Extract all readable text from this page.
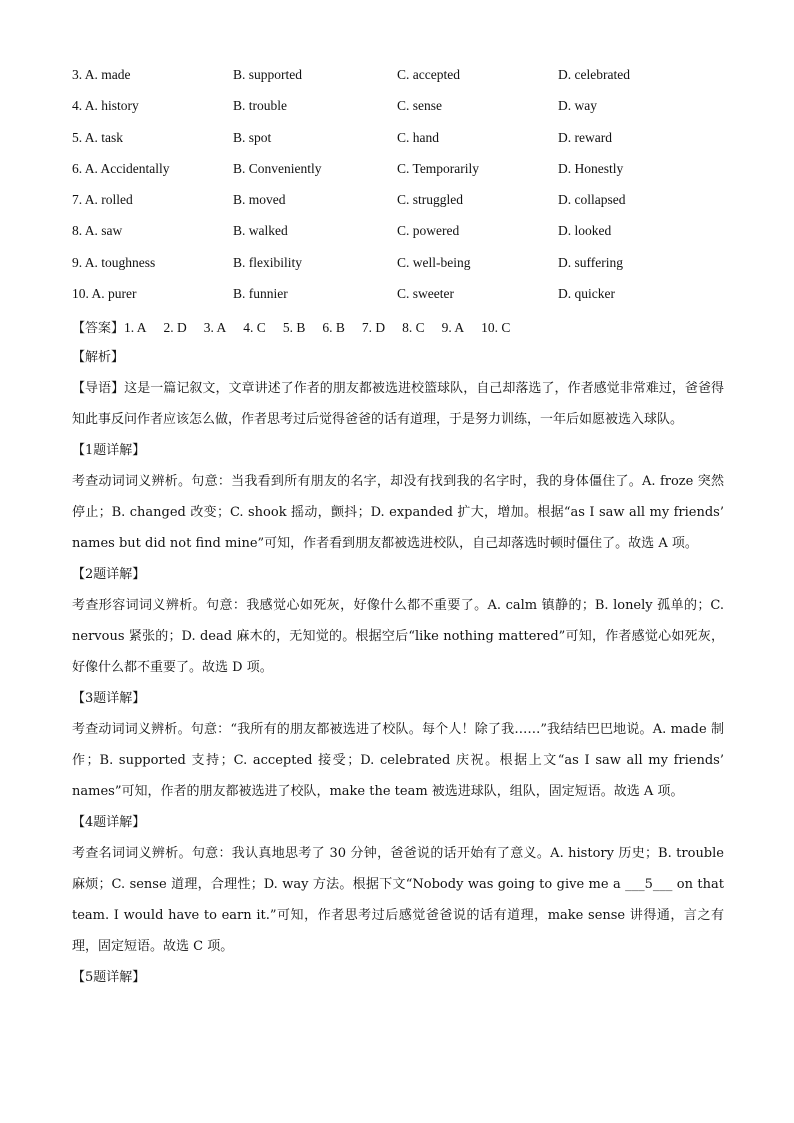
3. A. made	B. supported	C. accepted	D. celebrated
4. A. history	B. trouble	C. sense	D. way
5. A. task	B. spot	C. hand	D. reward
6. A. Accidentally	B. Conveniently	C. Temporarily	D. Honestly
7. A. rolled	B. moved	C. struggled	D. collapsed
8. A. saw	B. walked	C. powered	D. looked
9. A. toughness	B. flexibility	C. well-being	D. suffering
10. A. purer	B. funnier	C. sweeter	D. quicker
【答案】1. A 2. D 3. A 4. C 5. B 6. B 7. D 8. C 9. A 10. C

【解析】

【导语】这是一篇记叙文，文章讲述了作者的朋友都被选进校篮球队，自己却落选了，作者感觉非常难过，爸爸得知此事反问作者应该怎么做，作者思考过后觉得爸爸的话有道理，于是努力训练，一年后如愿被选入球队。

【1题详解】

考查动词词义辨析。句意：当我看到所有朋友的名字，却没有找到我的名字时，我的身体僵住了。A. froze 突然停止；B. changed 改变；C. shook 摇动，颤抖；D. expanded 扩大，增加。根据“as I saw all my friends’ names but did not find mine”可知，作者看到朋友都被选进校队，自己却落选时顿时僵住了。故选 A 项。

【2题详解】

考查形容词词义辨析。句意：我感觉心如死灰，好像什么都不重要了。A. calm 镇静的；B. lonely 孤单的；C. nervous 紧张的；D. dead 麻木的，无知觉的。根据空后“like nothing mattered”可知，作者感觉心如死灰，好像什么都不重要了。故选 D 项。

【3题详解】

考查动词词义辨析。句意：“我所有的朋友都被选进了校队。每个人！除了我……”我结结巴巴地说。A. made 制作；B. supported 支持；C. accepted 接受；D. celebrated 庆祝。根据上文“as I saw all my friends’ names”可知，作者的朋友都被选进了校队，make the team 被选进球队，组队，固定短语。故选 A 项。

【4题详解】

考查名词词义辨析。句意：我认真地思考了 30 分钟，爸爸说的话开始有了意义。A. history 历史；B. trouble 麻烦；C. sense 道理，合理性；D. way 方法。根据下文“Nobody was going to give me a ___5___ on that team. I would have to earn it.”可知，作者思考过后感觉爸爸说的话有道理，make sense 讲得通，言之有理，固定短语。故选 C 项。

【5题详解】
